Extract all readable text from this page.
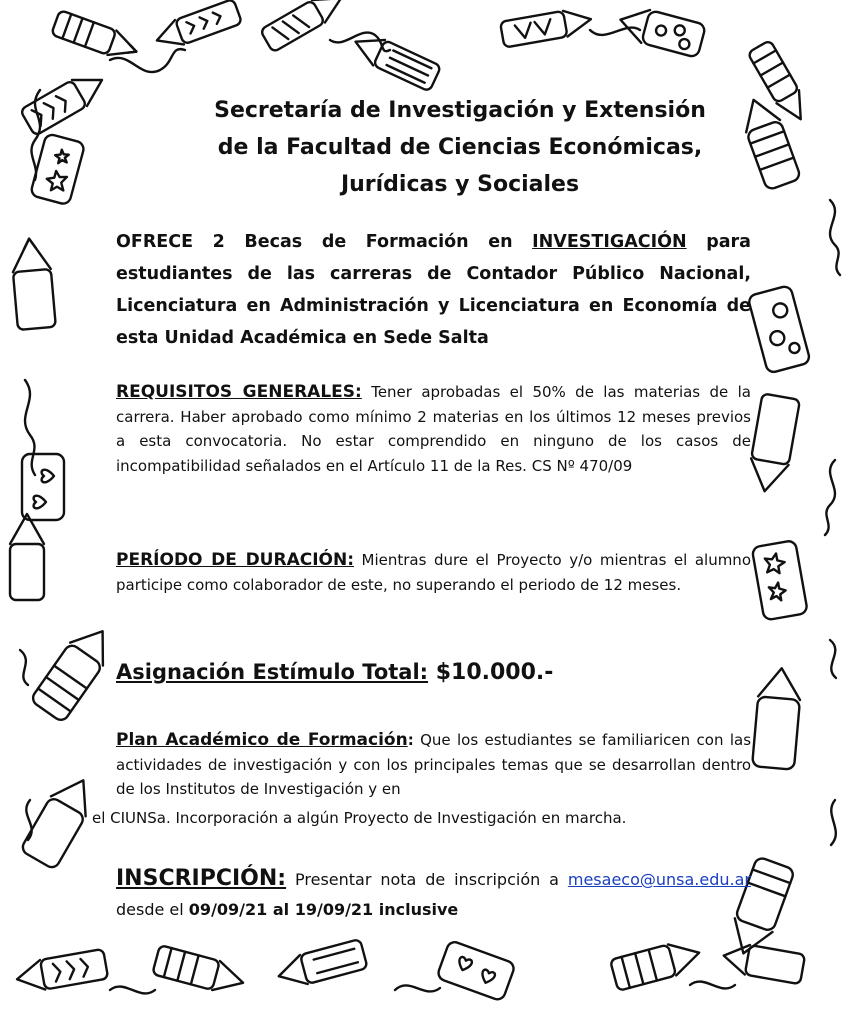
Secretaría de Investigación y Extensión
de la Facultad de Ciencias Económicas,
Jurídicas y Sociales
OFRECE 2 Becas de Formación en INVESTIGACIÓN para estudiantes de las carreras de Contador Público Nacional, Licenciatura en Administración y Licenciatura en Economía de esta Unidad Académica en Sede Salta
REQUISITOS GENERALES: Tener aprobadas el 50% de las materias de la carrera. Haber aprobado como mínimo 2 materias en los últimos 12 meses previos a esta convocatoria. No estar comprendido en ninguno de los casos de incompatibilidad señalados en el Artículo 11 de la Res. CS Nº 470/09
PERÍODO DE DURACIÓN: Mientras dure el Proyecto y/o mientras el alumno participe como colaborador de este, no superando el periodo de 12 meses.
Asignación Estímulo Total: $10.000.-
Plan Académico de Formación: Que los estudiantes se familiaricen con las actividades de investigación y con los principales temas que se desarrollan dentro de los Institutos de Investigación y en
el CIUNSa. Incorporación a algún Proyecto de Investigación en marcha.
INSCRIPCIÓN: Presentar nota de inscripción a mesaeco@unsa.edu.ar desde el 09/09/21 al 19/09/21 inclusive
